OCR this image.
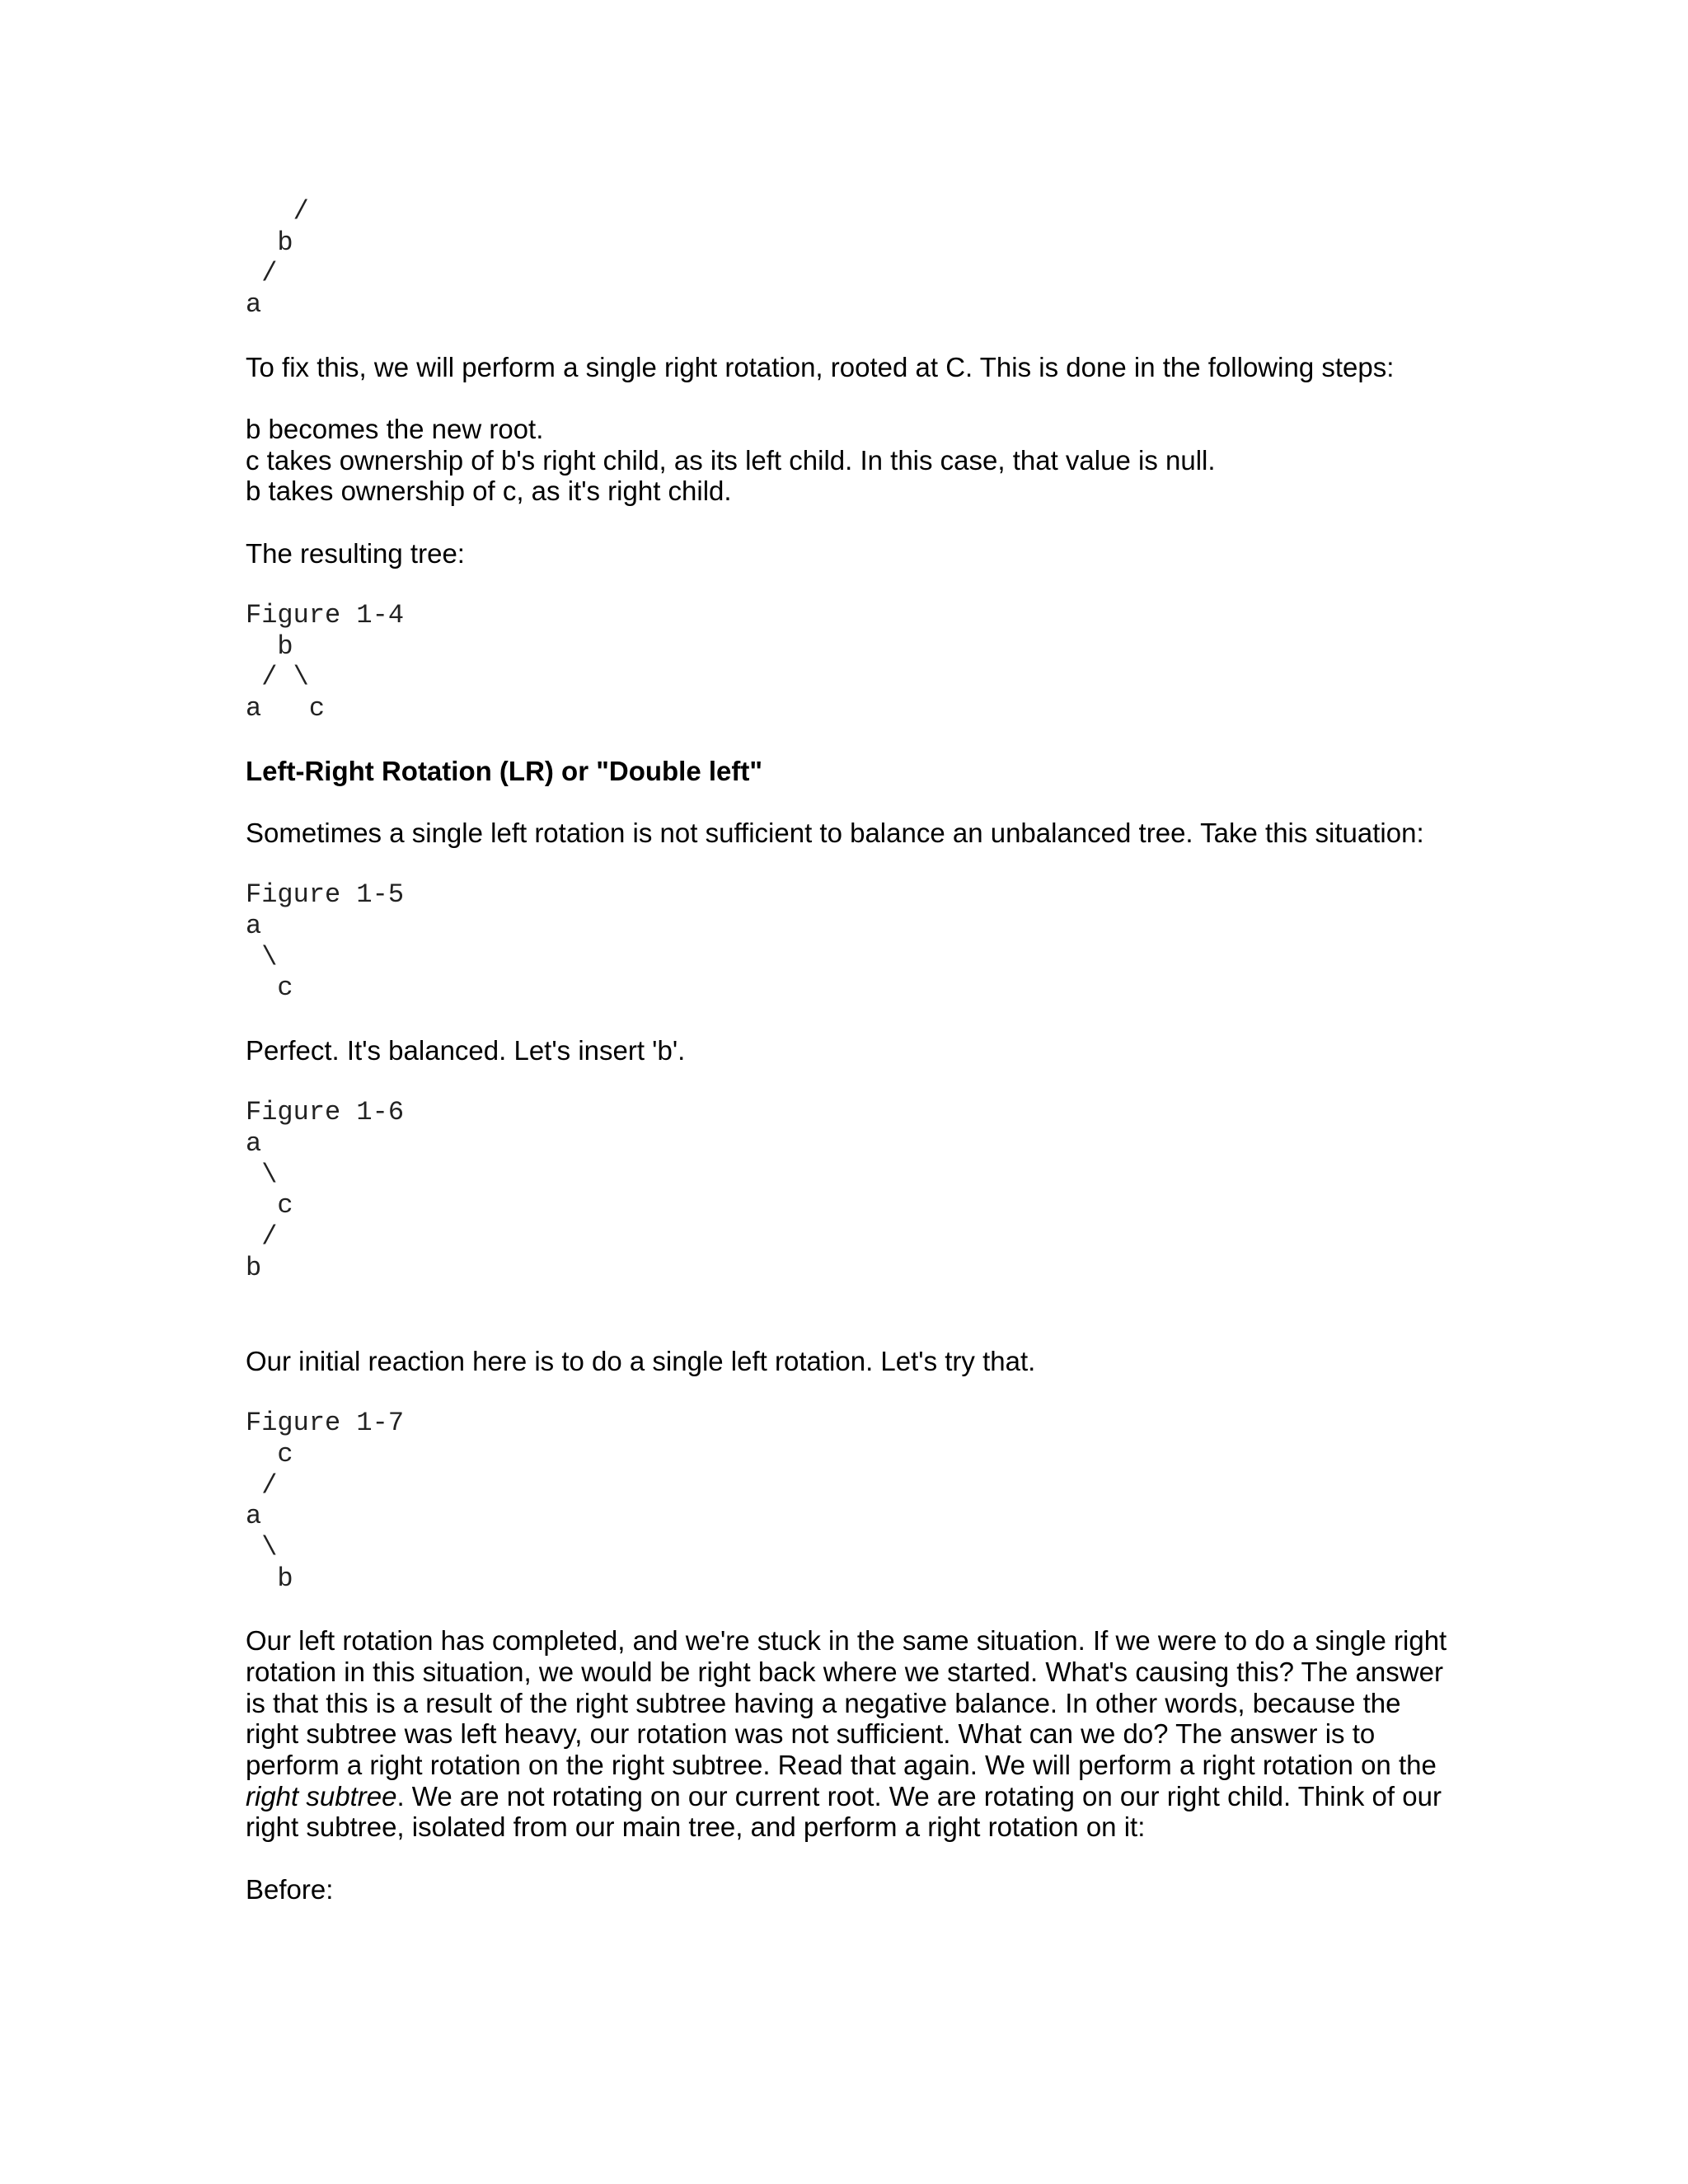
/
b
/
a

To fix this, we will perform a single right rotation, rooted at C. This is done in the following steps:

b becomes the new root.
c takes ownership of b's right child, as its left child. In this case, that value is null.
b takes ownership of c, as it's right child.

The resulting tree:

Figure 1-4
b
/ \
a   c

Left-Right Rotation (LR) or "Double left"

Sometimes a single left rotation is not sufficient to balance an unbalanced tree. Take this situation:

Figure 1-5
a
\
c

Perfect. It's balanced. Let's insert 'b'.

Figure 1-6
a
\
c
/
b

Our initial reaction here is to do a single left rotation. Let's try that.

Figure 1-7
c
/
a
\
b

Our left rotation has completed, and we're stuck in the same situation. If we were to do a single right rotation in this situation, we would be right back where we started. What's causing this? The answer is that this is a result of the right subtree having a negative balance. In other words, because the right subtree was left heavy, our rotation was not sufficient. What can we do? The answer is to perform a right rotation on the right subtree. Read that again. We will perform a right rotation on the right subtree. We are not rotating on our current root. We are rotating on our right child. Think of our right subtree, isolated from our main tree, and perform a right rotation on it:

Before:
